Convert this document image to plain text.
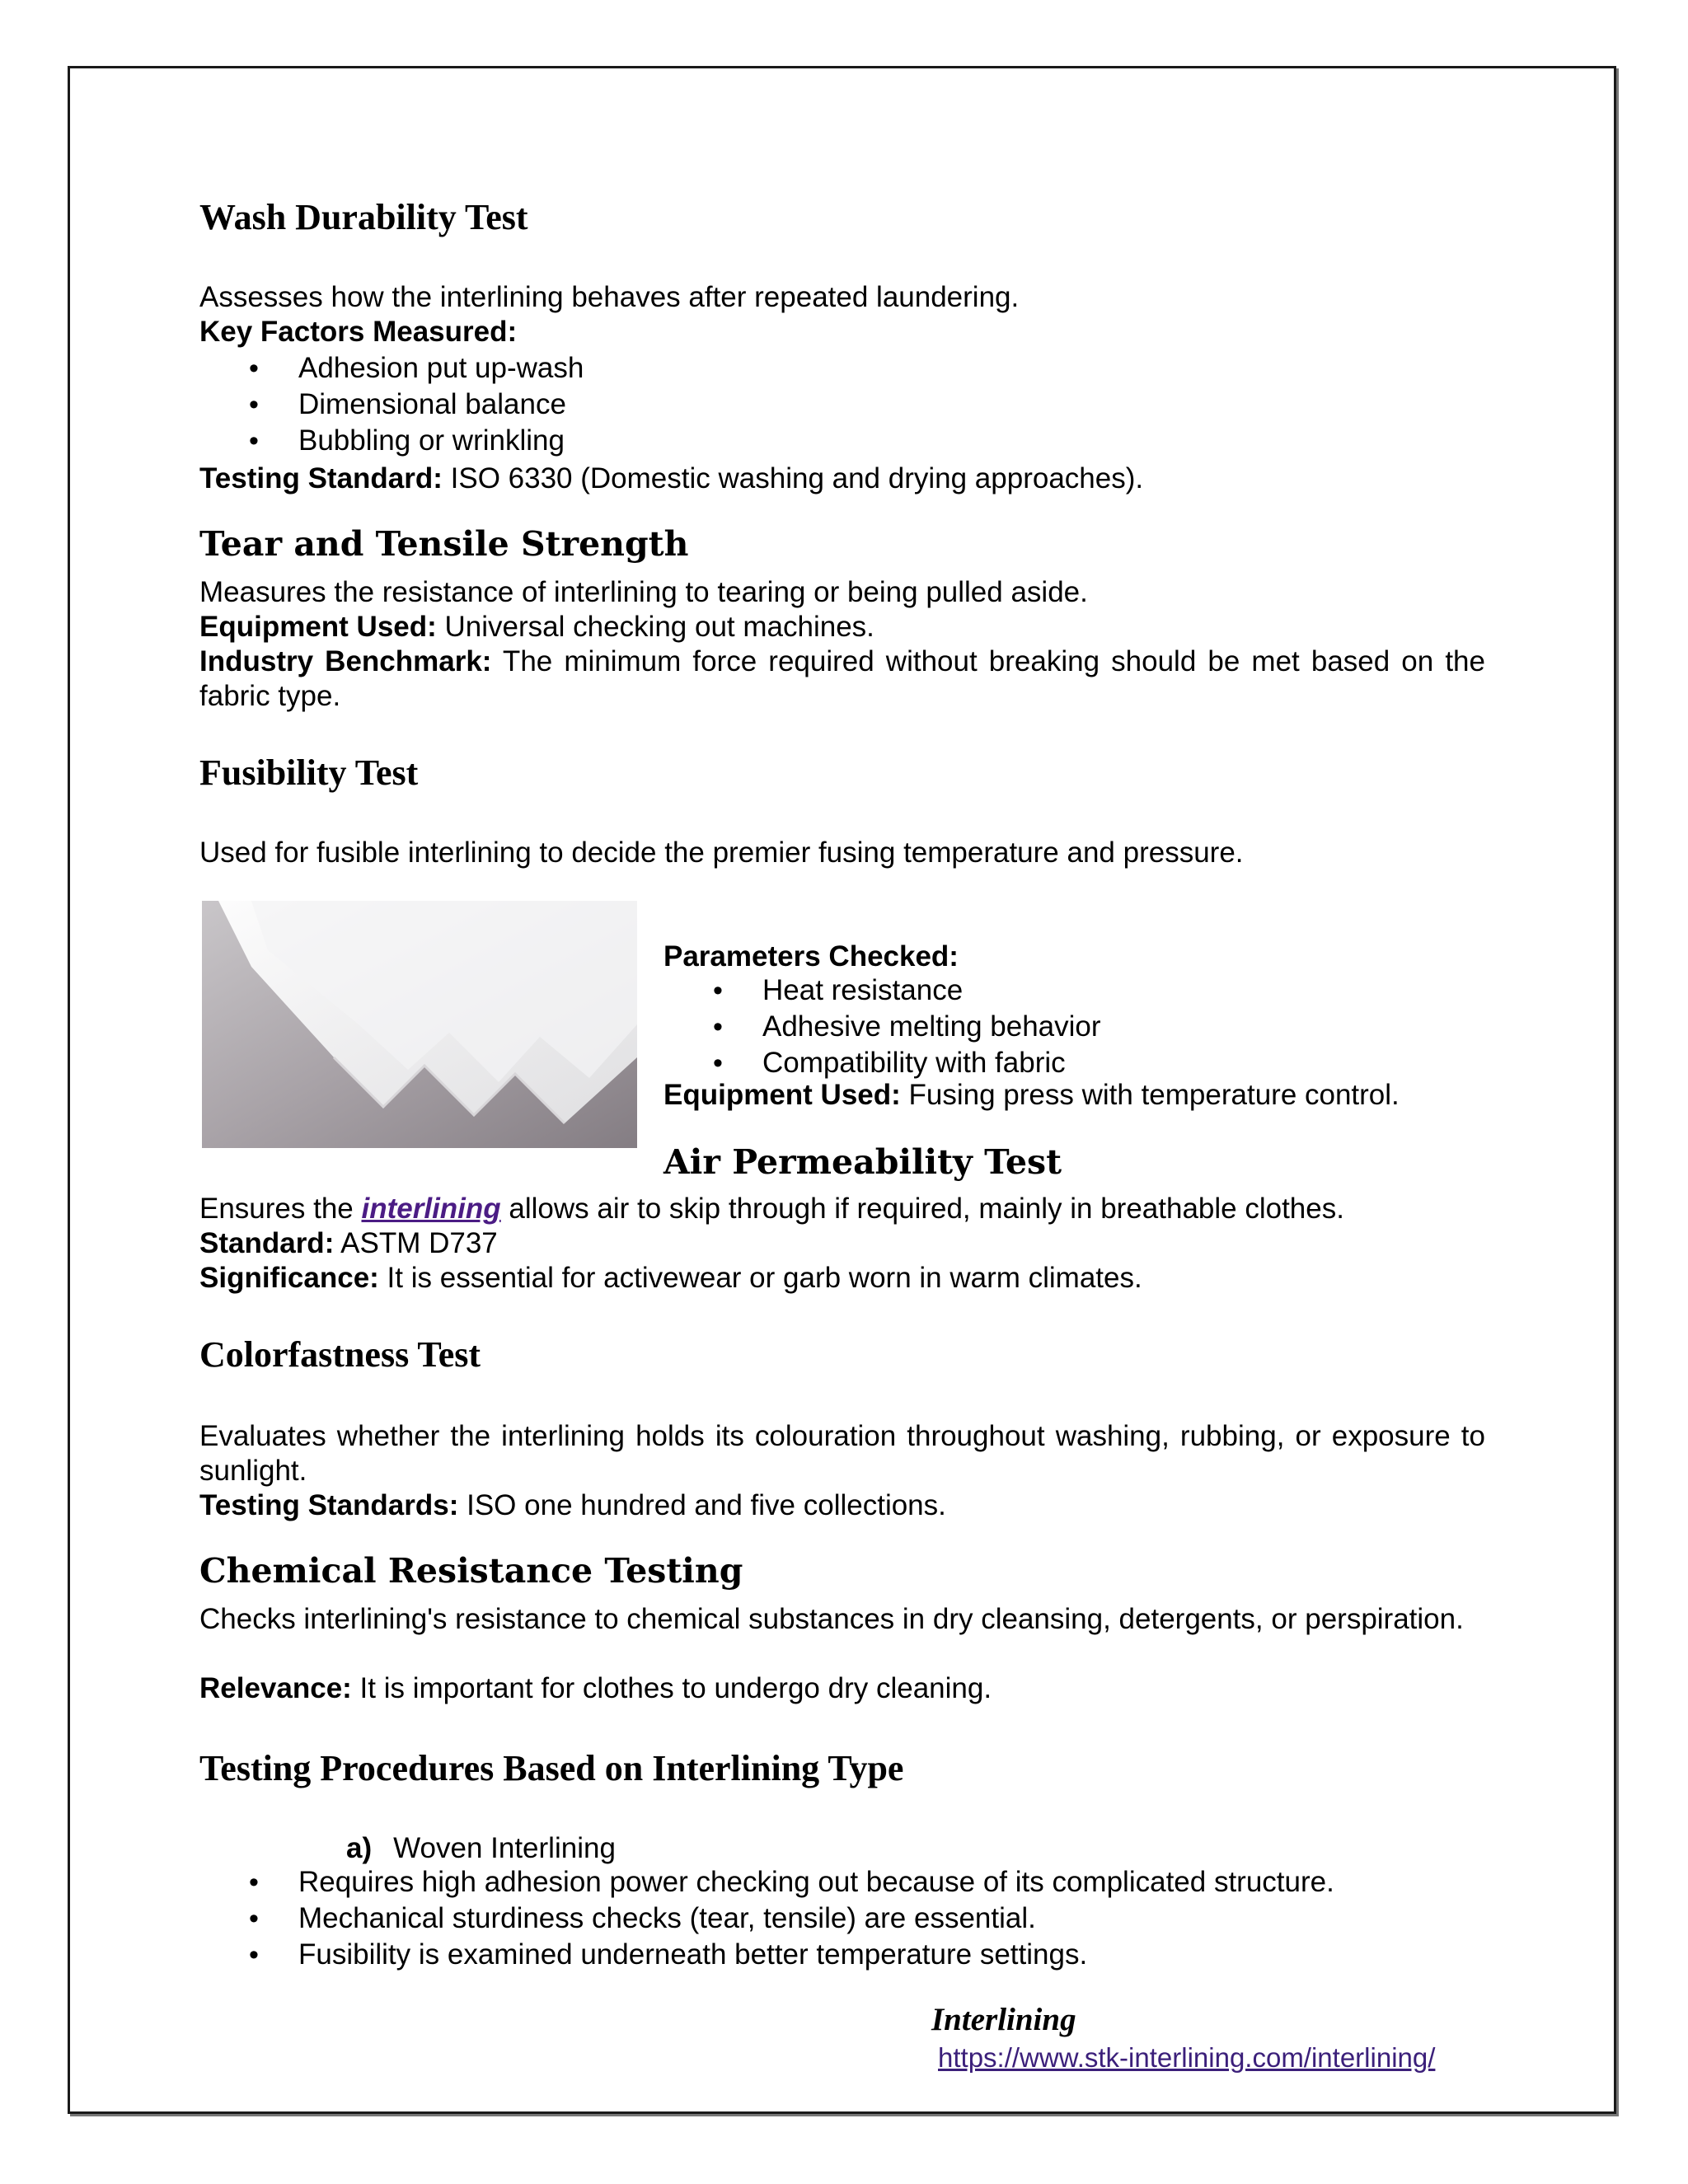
Wash Durability Test

Assesses how the interlining behaves after repeated laundering.

Key Factors Measured:

• Adhesion put up-wash
• Dimensional balance
• Bubbling or wrinkling

Testing Standard: ISO 6330 (Domestic washing and drying approaches).

Tear and Tensile Strength

Measures the resistance of interlining to tearing or being pulled aside.

Equipment Used: Universal checking out machines.

Industry Benchmark: The minimum force required without breaking should be met based on the fabric type.

Fusibility Test

Used for fusible interlining to decide the premier fusing temperature and pressure.

Parameters Checked:

• Heat resistance
• Adhesive melting behavior
• Compatibility with fabric

Equipment Used: Fusing press with temperature control.

Air Permeability Test

Ensures the interlining allows air to skip through if required, mainly in breathable clothes.

Standard: ASTM D737

Significance: It is essential for activewear or garb worn in warm climates.

Colorfastness Test

Evaluates whether the interlining holds its colouration throughout washing, rubbing, or exposure to sunlight.

Testing Standards: ISO one hundred and five collections.

Chemical Resistance Testing

Checks interlining's resistance to chemical substances in dry cleansing, detergents, or perspiration.

Relevance: It is important for clothes to undergo dry cleaning.

Testing Procedures Based on Interlining Type

a) Woven Interlining

• Requires high adhesion power checking out because of its complicated structure.
• Mechanical sturdiness checks (tear, tensile) are essential.
• Fusibility is examined underneath better temperature settings.
Interlining
https://www.stk-interlining.com/interlining/
